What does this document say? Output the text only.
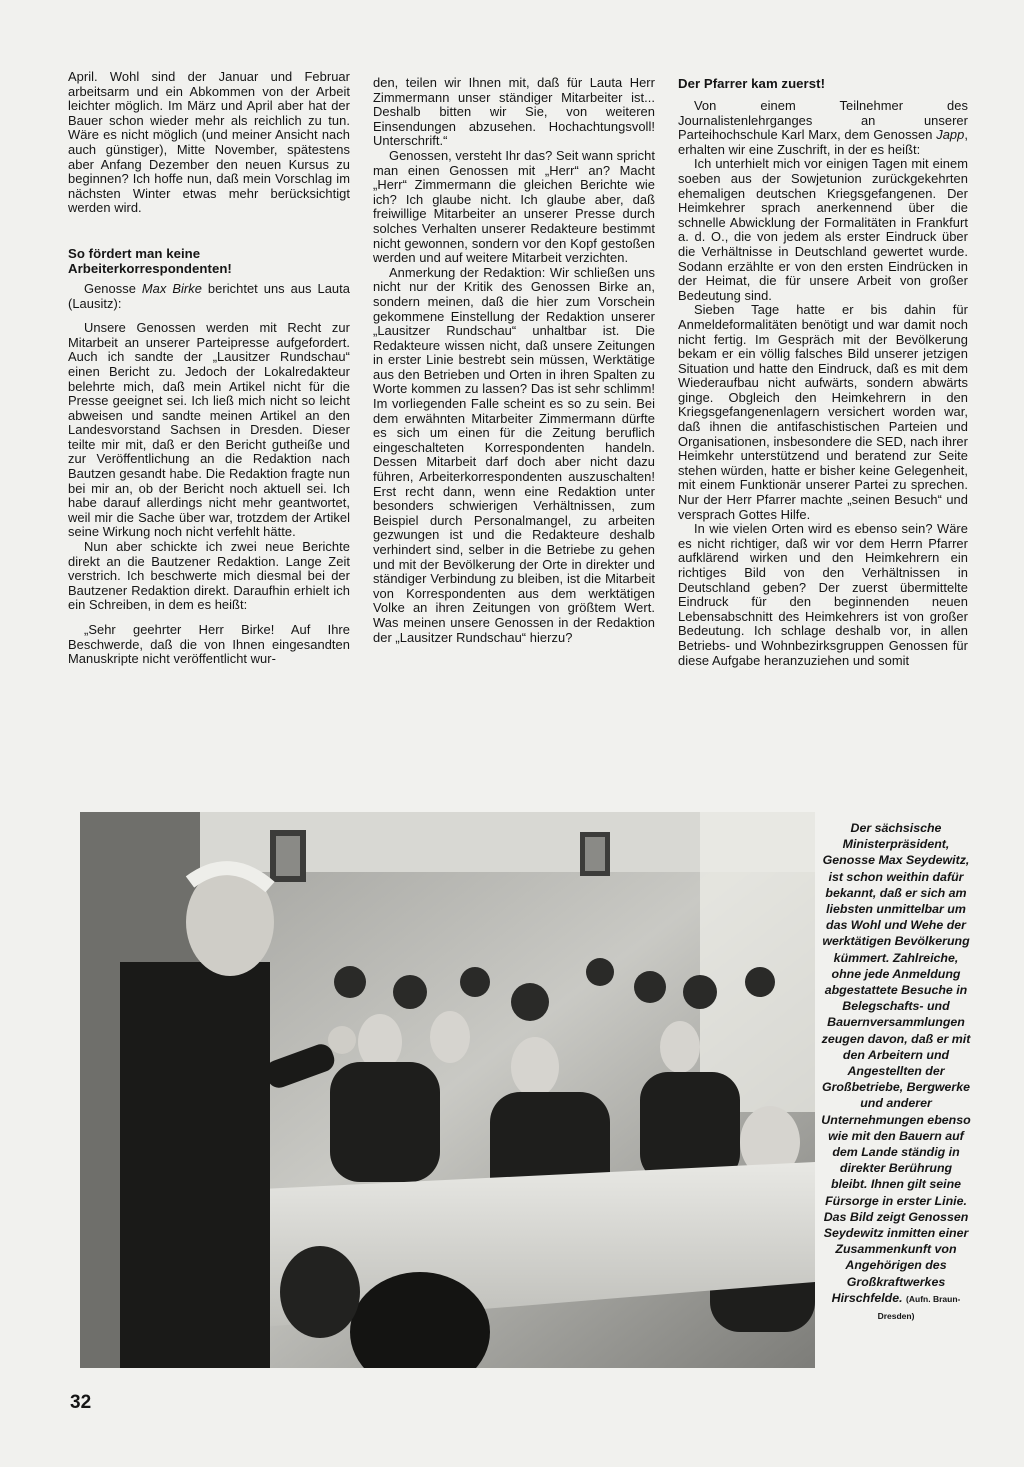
April. Wohl sind der Januar und Februar arbeitsarm und ein Abkommen von der Arbeit leichter möglich. Im März und April aber hat der Bauer schon wieder mehr als reichlich zu tun. Wäre es nicht möglich (und meiner Ansicht nach auch günstiger), Mitte November, spätestens aber Anfang Dezember den neuen Kursus zu beginnen? Ich hoffe nun, daß mein Vorschlag im nächsten Winter etwas mehr berücksichtigt werden wird.

So fördert man keine Arbeiterkorrespondenten!

Genosse Max Birke berichtet uns aus Lauta (Lausitz):

Unsere Genossen werden mit Recht zur Mitarbeit an unserer Parteipresse aufgefordert. Auch ich sandte der „Lausitzer Rundschau“ einen Bericht zu. Jedoch der Lokalredakteur belehrte mich, daß mein Artikel nicht für die Presse geeignet sei. Ich ließ mich nicht so leicht abweisen und sandte meinen Artikel an den Landesvorstand Sachsen in Dresden. Dieser teilte mir mit, daß er den Bericht gutheiße und zur Veröffentlichung an die Redaktion nach Bautzen gesandt habe. Die Redaktion fragte nun bei mir an, ob der Bericht noch aktuell sei. Ich habe darauf allerdings nicht mehr geantwortet, weil mir die Sache über war, trotzdem der Artikel seine Wirkung noch nicht verfehlt hätte.

Nun aber schickte ich zwei neue Berichte direkt an die Bautzener Redaktion. Lange Zeit verstrich. Ich beschwerte mich diesmal bei der Bautzener Redaktion direkt. Daraufhin erhielt ich ein Schreiben, in dem es heißt:

„Sehr geehrter Herr Birke! Auf Ihre Beschwerde, daß die von Ihnen eingesandten Manuskripte nicht veröffentlicht wur-

den, teilen wir Ihnen mit, daß für Lauta Herr Zimmermann unser ständiger Mitarbeiter ist... Deshalb bitten wir Sie, von weiteren Einsendungen abzusehen. Hochachtungsvoll! Unterschrift.“

Genossen, versteht Ihr das? Seit wann spricht man einen Genossen mit „Herr“ an? Macht „Herr“ Zimmermann die gleichen Berichte wie ich? Ich glaube nicht. Ich glaube aber, daß freiwillige Mitarbeiter an unserer Presse durch solches Verhalten unserer Redakteure bestimmt nicht gewonnen, sondern vor den Kopf gestoßen werden und auf weitere Mitarbeit verzichten.

Anmerkung der Redaktion: Wir schließen uns nicht nur der Kritik des Genossen Birke an, sondern meinen, daß die hier zum Vorschein gekommene Einstellung der Redaktion unserer „Lausitzer Rundschau“ unhaltbar ist. Die Redakteure wissen nicht, daß unsere Zeitungen in erster Linie bestrebt sein müssen, Werktätige aus den Betrieben und Orten in ihren Spalten zu Worte kommen zu lassen? Das ist sehr schlimm! Im vorliegenden Falle scheint es so zu sein. Bei dem erwähnten Mitarbeiter Zimmermann dürfte es sich um einen für die Zeitung beruflich eingeschalteten Korrespondenten handeln. Dessen Mitarbeit darf doch aber nicht dazu führen, Arbeiterkorrespondenten auszuschalten! Erst recht dann, wenn eine Redaktion unter besonders schwierigen Verhältnissen, zum Beispiel durch Personalmangel, zu arbeiten gezwungen ist und die Redakteure deshalb verhindert sind, selber in die Betriebe zu gehen und mit der Bevölkerung der Orte in direkter und ständiger Verbindung zu bleiben, ist die Mitarbeit von Korrespondenten aus dem werktätigen Volke an ihren Zeitungen von größtem Wert. Was meinen unsere Genossen in der Redaktion der „Lausitzer Rundschau“ hierzu?

Der Pfarrer kam zuerst!

Von einem Teilnehmer des Journalistenlehrganges an unserer Parteihochschule Karl Marx, dem Genossen Japp, erhalten wir eine Zuschrift, in der es heißt:

Ich unterhielt mich vor einigen Tagen mit einem soeben aus der Sowjetunion zurückgekehrten ehemaligen deutschen Kriegsgefangenen. Der Heimkehrer sprach anerkennend über die schnelle Abwicklung der Formalitäten in Frankfurt a. d. O., die von jedem als erster Eindruck über die Verhältnisse in Deutschland gewertet wurde. Sodann erzählte er von den ersten Eindrücken in der Heimat, die für unsere Arbeit von großer Bedeutung sind.

Sieben Tage hatte er bis dahin für Anmeldeformalitäten benötigt und war damit noch nicht fertig. Im Gespräch mit der Bevölkerung bekam er ein völlig falsches Bild unserer jetzigen Situation und hatte den Eindruck, daß es mit dem Wiederaufbau nicht aufwärts, sondern abwärts ginge. Obgleich den Heimkehrern in den Kriegsgefangenenlagern versichert worden war, daß ihnen die antifaschistischen Parteien und Organisationen, insbesondere die SED, nach ihrer Heimkehr unterstützend und beratend zur Seite stehen würden, hatte er bisher keine Gelegenheit, mit einem Funktionär unserer Partei zu sprechen. Nur der Herr Pfarrer machte „seinen Besuch“ und versprach Gottes Hilfe.

In wie vielen Orten wird es ebenso sein? Wäre es nicht richtiger, daß wir vor dem Herrn Pfarrer aufklärend wirken und den Heimkehrern ein richtiges Bild von den Verhältnissen in Deutschland geben? Der zuerst übermittelte Eindruck für den beginnenden neuen Lebensabschnitt des Heimkehrers ist von großer Bedeutung. Ich schlage deshalb vor, in allen Betriebs- und Wohnbezirksgruppen Genossen für diese Aufgabe heranzuziehen und somit

Der sächsische Ministerpräsident, Genosse Max Seydewitz, ist schon weithin dafür bekannt, daß er sich am liebsten unmittelbar um das Wohl und Wehe der werktätigen Bevölkerung kümmert. Zahlreiche, ohne jede Anmeldung abgestattete Besuche in Belegschafts- und Bauernversammlungen zeugen davon, daß er mit den Arbeitern und Angestellten der Großbetriebe, Bergwerke und anderer Unternehmungen ebenso wie mit den Bauern auf dem Lande ständig in direkter Berührung bleibt. Ihnen gilt seine Fürsorge in erster Linie. Das Bild zeigt Genossen Seydewitz inmitten einer Zusammenkunft von Angehörigen des Großkraftwerkes Hirschfelde. (Aufn. Braun-Dresden)
32
